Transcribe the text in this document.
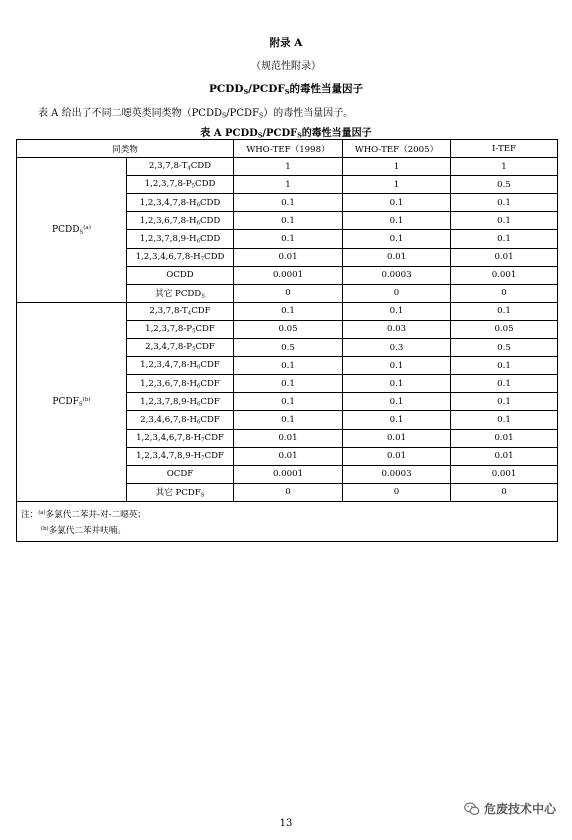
附录 A
（规范性附录）
$PCDD_S/PCDF_S$的毒性当量因子
表 A 给出了不同二噁英类同类物$(PCDD_S/PCDF_S)$的毒性当量因子。
表 A $PCDD_S/PCDF_S$的毒性当量因子
同类物		WHO-TEF（1998）	WHO-TEF（2005）	I-TEF
$PCDD_S^{(a)}$	$2,3,7,8-T_4CDD$	1	1	1
	$1,2,3,7,8-P_5CDD$	1	1	0.5
	$1,2,3,4,7,8-H_6CDD$	0.1	0.1	0.1
	$1,2,3,6,7,8-H_6CDD$	0.1	0.1	0.1
	$1,2,3,7,8,9-H_6CDD$	0.1	0.1	0.1
	$1,2,3,4,6,7,8-H_7CDD$	0.01	0.01	0.01
	OCDD	0.0001	0.0003	0.001
	其它 $PCDD_S$	0	0	0
$PCDF_S^{(b)}$	$2,3,7,8-T_4CDF$	0.1	0.1	0.1
	$1,2,3,7,8-P_5CDF$	0.05	0.03	0.05
	$2,3,4,7,8-P_5CDF$	0.5	0.3	0.5
	$1,2,3,4,7,8-H_6CDF$	0.1	0.1	0.1
	$1,2,3,6,7,8-H_6CDF$	0.1	0.1	0.1
	$1,2,3,7,8,9-H_6CDF$	0.1	0.1	0.1
	$2,3,4,6,7,8-H_6CDF$	0.1	0.1	0.1
	$1,2,3,4,6,7,8-H_7CDF$	0.01	0.01	0.01
	$1,2,3,4,7,8,9-H_7CDF$	0.01	0.01	0.01
	OCDF	0.0001	0.0003	0.001
	其它 $PCDF_S$	0	0	0

注：$^{(a)}$多氯代二苯并-对-二噁英；
$^{(b)}$多氯代二苯并呋喃。				
危废技术中心
13
